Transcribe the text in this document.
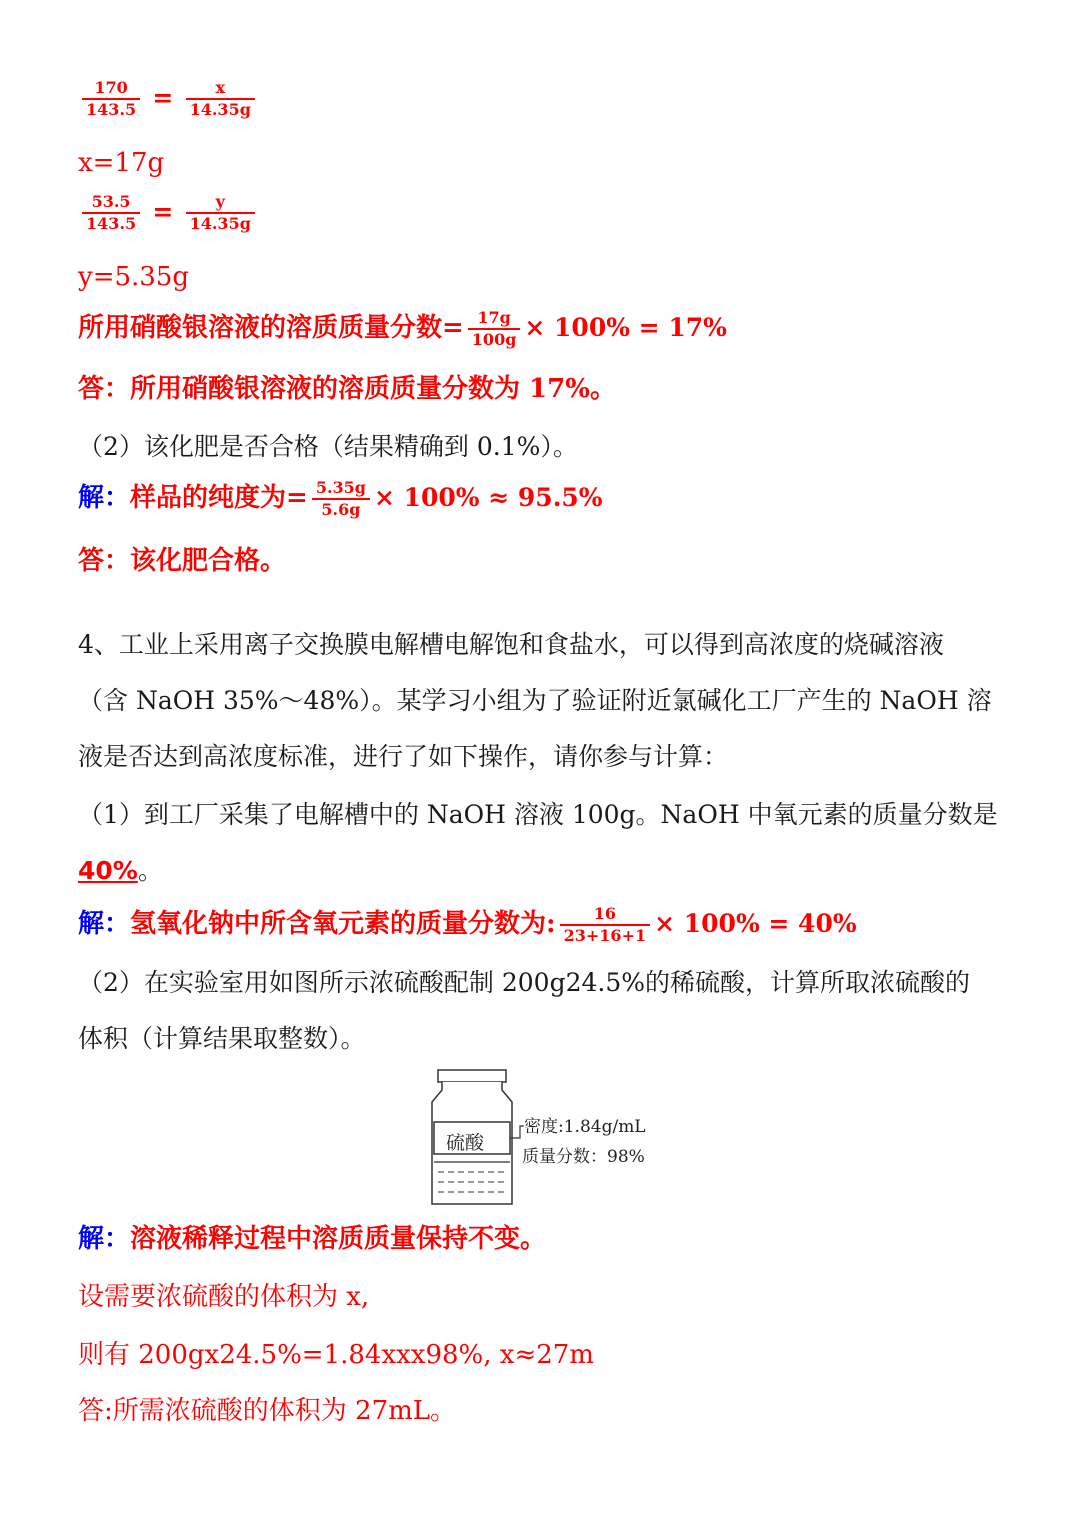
$\frac{170}{143.5} = \frac{x}{14.35g}$
x=17g
$\frac{53.5}{143.5} = \frac{y}{14.35g}$
y=5.35g
所用硝酸银溶液的溶质质量分数= $\frac{17g}{100g} \times 100\% = 17\%$
答：所用硝酸银溶液的溶质质量分数为 17%。
（2）该化肥是否合格（结果精确到 0.1%）。
解：样品的纯度为= $\frac{5.35g}{5.6g} \times 100\% \approx 95.5\%$
答：该化肥合格。
4、工业上采用离子交换膜电解槽电解饱和食盐水，可以得到高浓度的烧碱溶液
（含 NaOH 35%～48%）。某学习小组为了验证附近氯碱化工厂产生的 NaOH 溶
液是否达到高浓度标准，进行了如下操作，请你参与计算：
（1）到工厂采集了电解槽中的 NaOH 溶液 100g。NaOH 中氧元素的质量分数是
40%。
解：氢氧化钠中所含氧元素的质量分数为: $\frac{16}{23+16+1} \times 100\% = 40\%$
（2）在实验室用如图所示浓硫酸配制 200g24.5%的稀硫酸，计算所取浓硫酸的
体积（计算结果取整数）。
硫酸
密度:1.84g/mL
质量分数：98%
解：溶液稀释过程中溶质质量保持不变。
设需要浓硫酸的体积为 x,
则有 200gx24.5%=1.84xxx98%, x≈27m
答:所需浓硫酸的体积为 27mL。
